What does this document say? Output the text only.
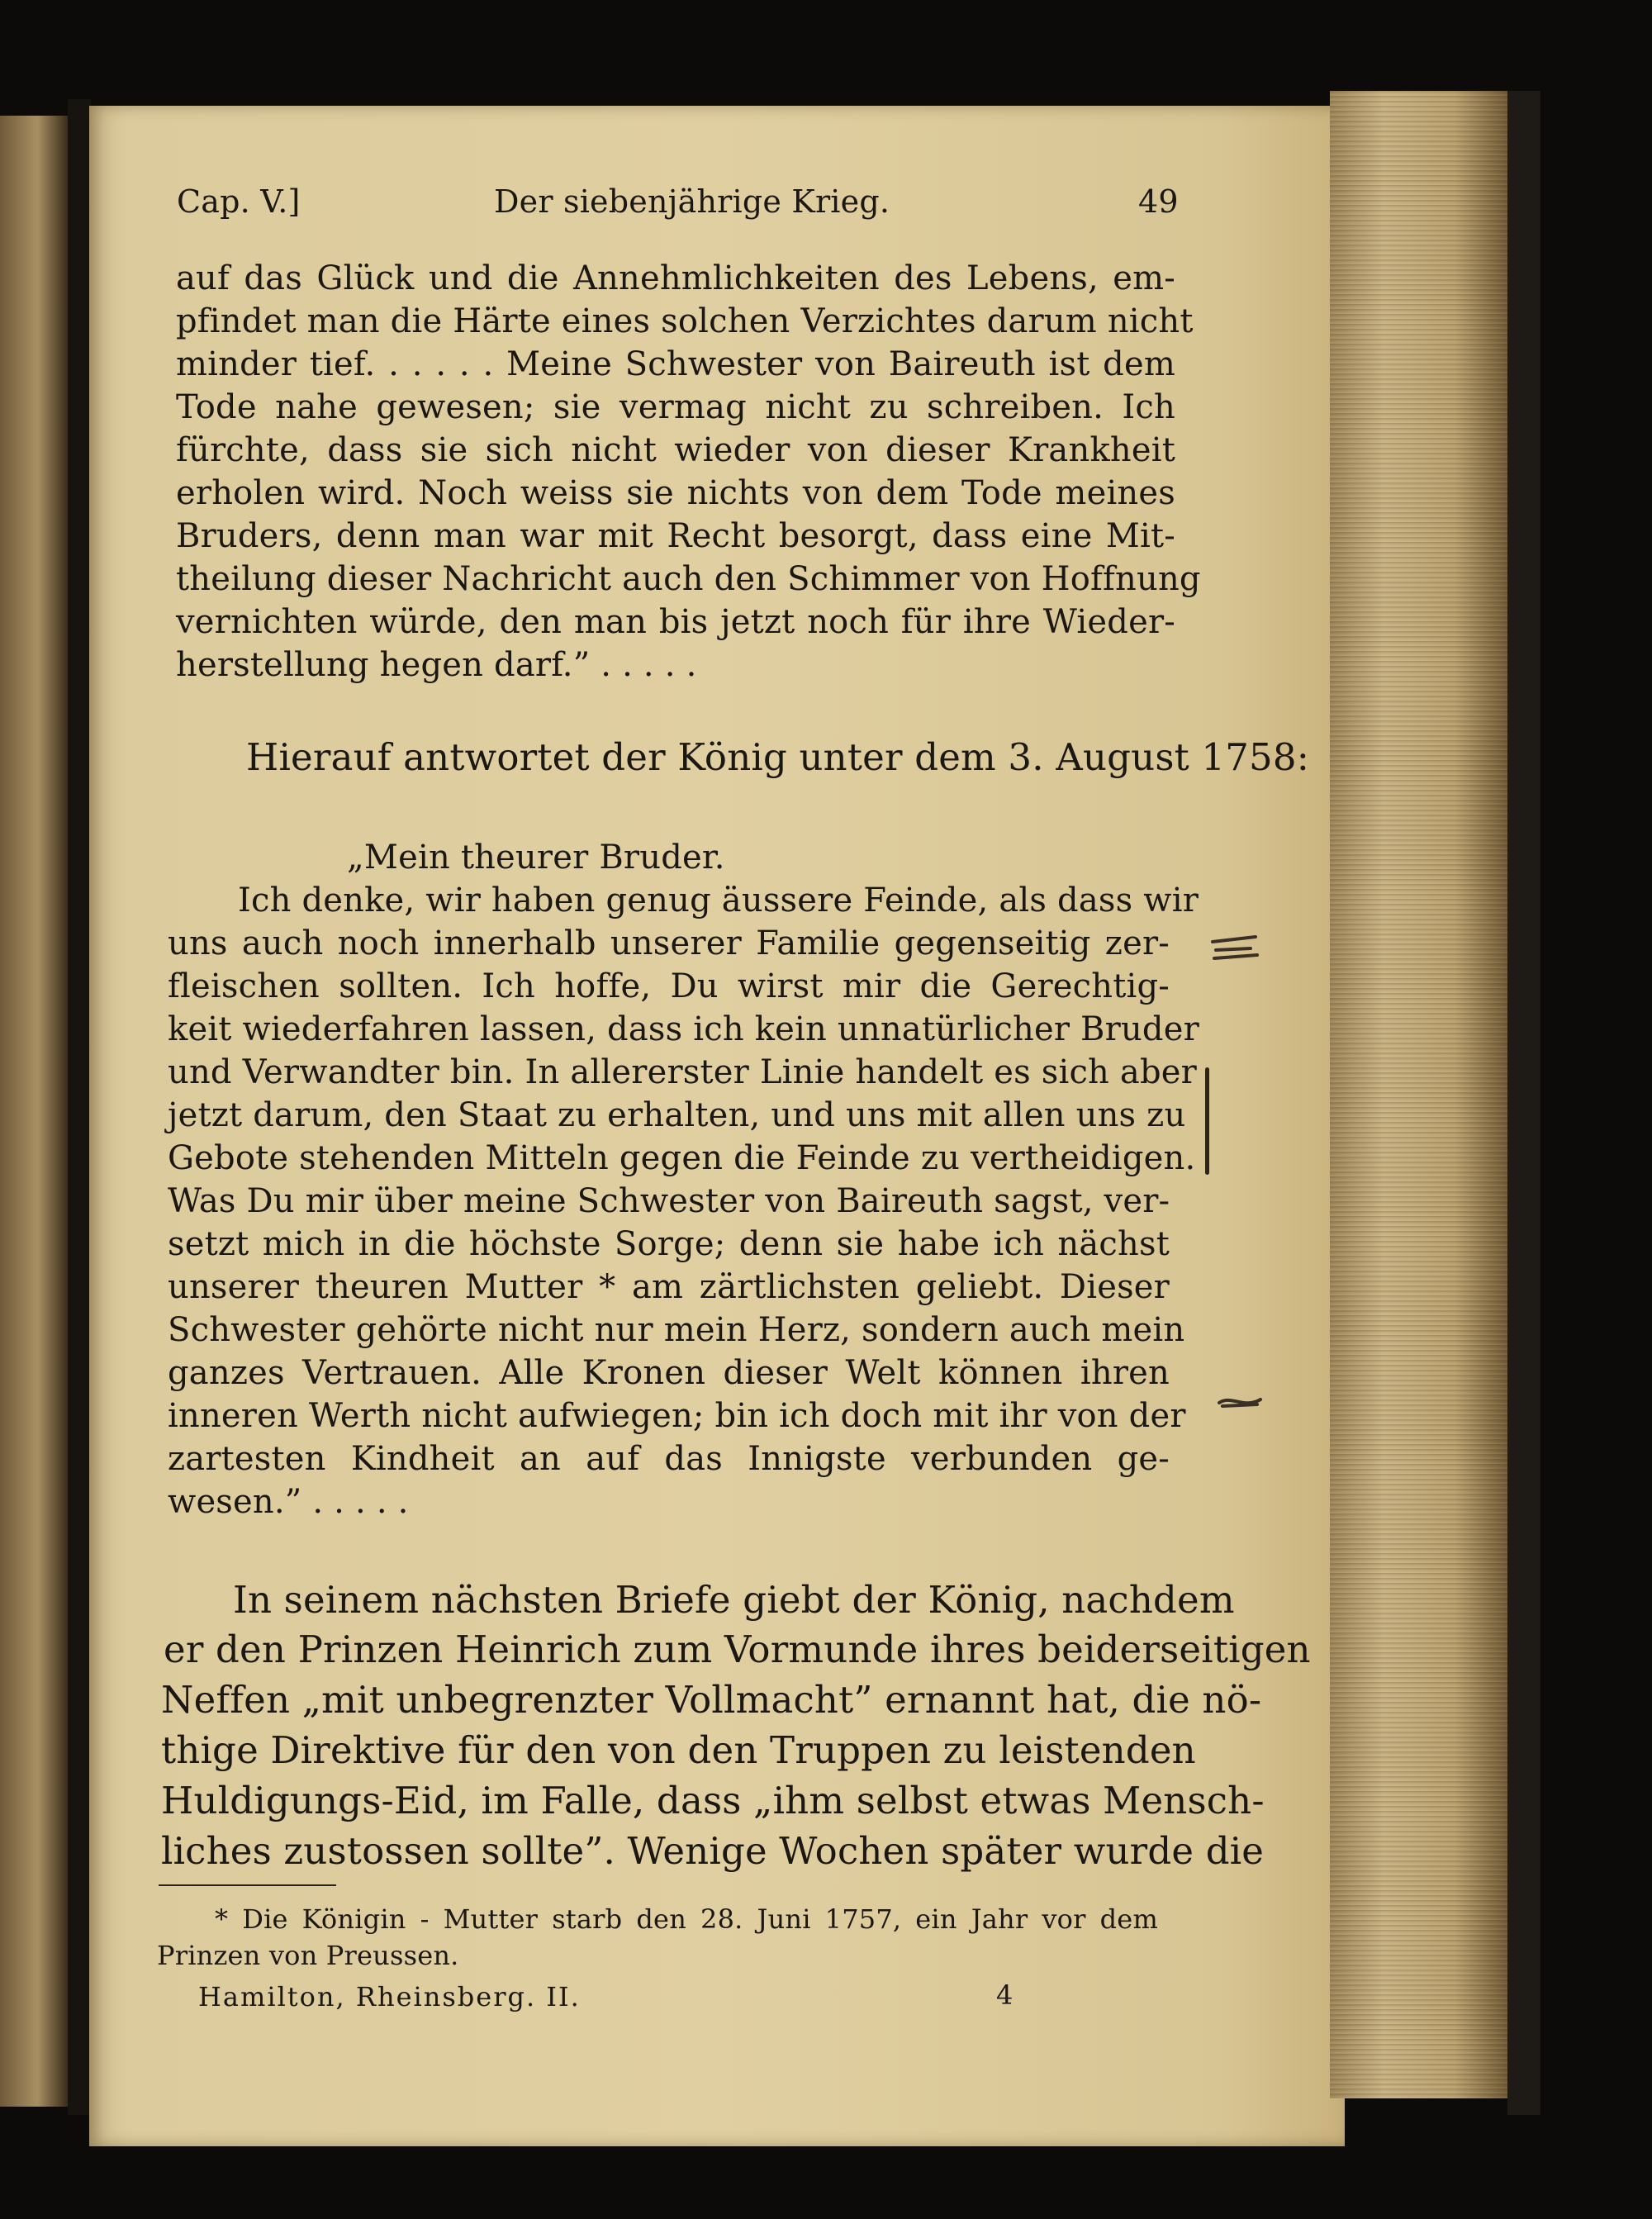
Cap. V.]	Der siebenjährige Krieg.	49

auf das Glück und die Annehmlichkeiten des Lebens, em-

pfindet man die Härte eines solchen Verzichtes darum nicht

minder tief. . . . . . Meine Schwester von Baireuth ist dem

Tode nahe gewesen; sie vermag nicht zu schreiben. Ich

fürchte, dass sie sich nicht wieder von dieser Krankheit

erholen wird. Noch weiss sie nichts von dem Tode meines

Bruders, denn man war mit Recht besorgt, dass eine Mit-

theilung dieser Nachricht auch den Schimmer von Hoffnung

vernichten würde, den man bis jetzt noch für ihre Wieder-

herstellung hegen darf.” . . . . .

Hierauf antwortet der König unter dem 3. August 1758:

„Mein theurer Bruder.

Ich denke, wir haben genug äussere Feinde, als dass wir

uns auch noch innerhalb unserer Familie gegenseitig zer-

fleischen sollten. Ich hoffe, Du wirst mir die Gerechtig-

keit wiederfahren lassen, dass ich kein unnatürlicher Bruder

und Verwandter bin. In allererster Linie handelt es sich aber

jetzt darum, den Staat zu erhalten, und uns mit allen uns zu

Gebote stehenden Mitteln gegen die Feinde zu vertheidigen.

Was Du mir über meine Schwester von Baireuth sagst, ver-

setzt mich in die höchste Sorge; denn sie habe ich nächst

unserer theuren Mutter * am zärtlichsten geliebt. Dieser

Schwester gehörte nicht nur mein Herz, sondern auch mein

ganzes Vertrauen. Alle Kronen dieser Welt können ihren

inneren Werth nicht aufwiegen; bin ich doch mit ihr von der

zartesten Kindheit an auf das Innigste verbunden ge-

wesen.” . . . . .

In seinem nächsten Briefe giebt der König, nachdem

er den Prinzen Heinrich zum Vormunde ihres beiderseitigen

Neffen „mit unbegrenzter Vollmacht” ernannt hat, die nö-

thige Direktive für den von den Truppen zu leistenden

Huldigungs-Eid, im Falle, dass „ihm selbst etwas Mensch-

liches zustossen sollte”. Wenige Wochen später wurde die

* Die Königin - Mutter starb den 28. Juni 1757, ein Jahr vor dem

Prinzen von Preussen.

Hamilton, Rheinsberg. II.	4
